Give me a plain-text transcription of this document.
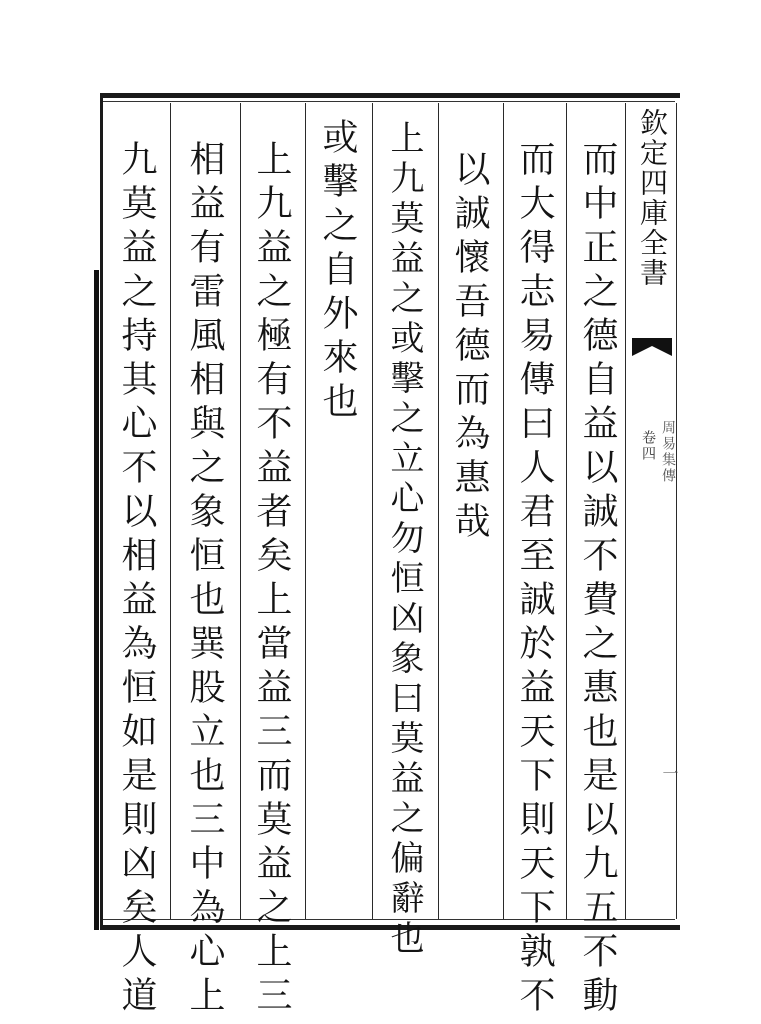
欽定四庫全書
卷四 周易集傳
一
而中正之德自益以誠不費之惠也是以九五不動
而大得志易傳曰人君至誠於益天下則天下孰不
以誠懷吾德而為惠哉
上九莫益之或擊之立心勿恒凶象曰莫益之偏辭也
或擊之自外來也
上九益之極有不益者矣上當益三而莫益之上三
相益有雷風相與之象恒也巽股立也三中為心上
九莫益之持其心不以相益為恒如是則凶矣人道
